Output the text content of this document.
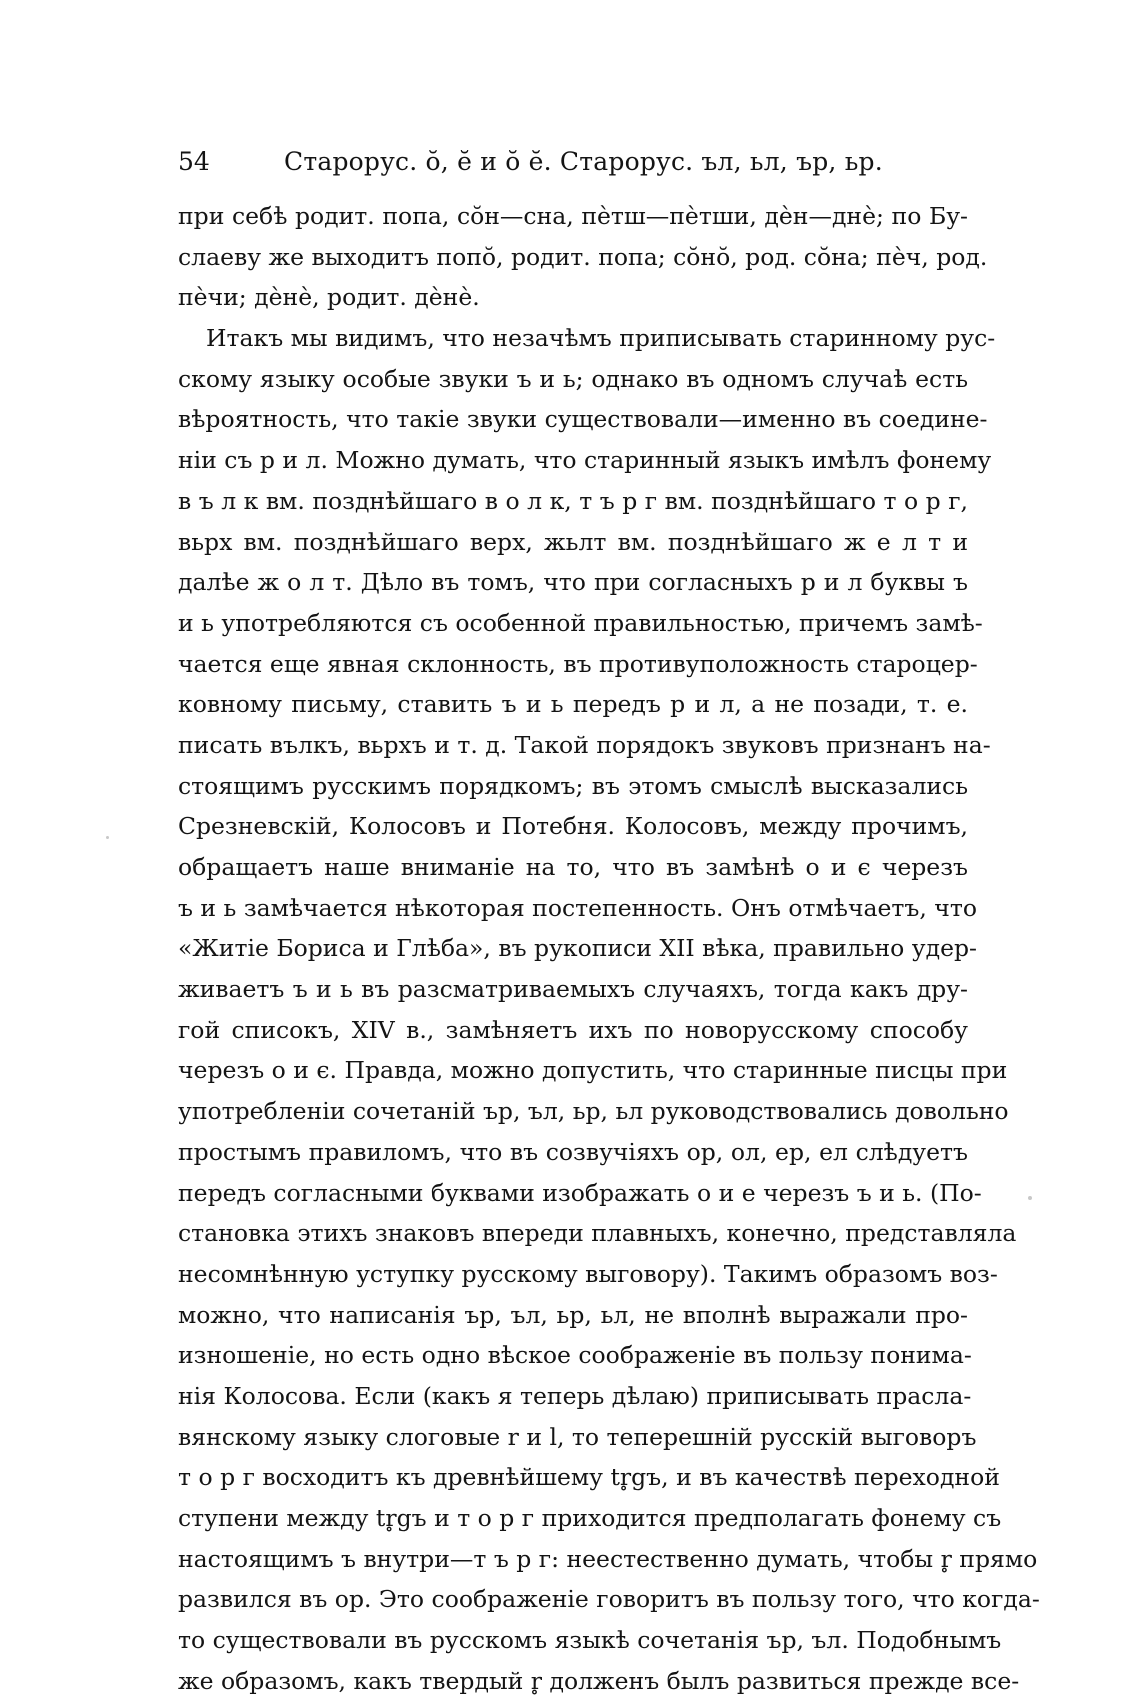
54	Старорус. ŏ, ĕ и ŏ ĕ. Старорус. ъл, ьл, ър, ьр.
при себѣ родит. попа, сŏн—сна, пѐтш—пѐтши, дѐн—днѐ; по Бу-
слаеву же выходитъ попŏ, родит. попа; сŏнŏ, род. сŏна; пѐч, род.
пѐчи; дѐнѐ, родит. дѐнѐ.
Итакъ мы видимъ, что незачѣмъ приписывать старинному рус-
скому языку особые звуки ъ и ь; однако въ одномъ случаѣ есть
вѣроятность, что такіе звуки существовали—именно въ соедине-
ніи съ р и л. Можно думать, что старинный языкъ имѣлъ фонему
в ъ л к вм. позднѣйшаго в о л к, т ъ р г вм. позднѣйшаго т о р г,
вьрх вм. позднѣйшаго верх, жьлт вм. позднѣйшаго ж е л т и
далѣе ж о л т. Дѣло въ томъ, что при согласныхъ р и л буквы ъ
и ь употребляются съ особенной правильностью, причемъ замѣ-
чается еще явная склонность, въ противуположность староцер-
ковному письму, ставить ъ и ь передъ р и л, а не позади, т. е.
писать вълкъ, вьрхъ и т. д. Такой порядокъ звуковъ признанъ на-
стоящимъ русскимъ порядкомъ; въ этомъ смыслѣ высказались
Срезневскій, Колосовъ и Потебня. Колосовъ, между прочимъ,
обращаетъ наше вниманіе на то, что въ замѣнѣ о и є черезъ
ъ и ь замѣчается нѣкоторая постепенность. Онъ отмѣчаетъ, что
«Житіе Бориса и Глѣба», въ рукописи XII вѣка, правильно удер-
живаетъ ъ и ь въ разсматриваемыхъ случаяхъ, тогда какъ дру-
гой списокъ, XIV в., замѣняетъ ихъ по новорусскому способу
черезъ о и є. Правда, можно допустить, что старинные писцы при
употребленіи сочетаній ър, ъл, ьр, ьл руководствовались довольно
простымъ правиломъ, что въ созвучіяхъ ор, ол, ер, ел слѣдуетъ
передъ согласными буквами изображать о и е черезъ ъ и ь. (По-
становка этихъ знаковъ впереди плавныхъ, конечно, представляла
несомнѣнную уступку русскому выговору). Такимъ образомъ воз-
можно, что написанія ър, ъл, ьр, ьл, не вполнѣ выражали про-
изношеніе, но есть одно вѣское соображеніе въ пользу понима-
нія Колосова. Если (какъ я теперь дѣлаю) приписывать прасла-
вянскому языку слоговые r и l, то теперешній русскій выговоръ
т о р г восходитъ къ древнѣйшему tr̥gъ, и въ качествѣ переходной
ступени между tr̥gъ и т о р г приходится предполагать фонему съ
настоящимъ ъ внутри—т ъ р г: неестественно думать, чтобы r̥ прямо
развился въ ор. Это соображеніе говоритъ въ пользу того, что когда-
то существовали въ русскомъ языкѣ сочетанія ър, ъл. Подобнымъ
же образомъ, какъ твердый r̥ долженъ былъ развиться прежде все-
